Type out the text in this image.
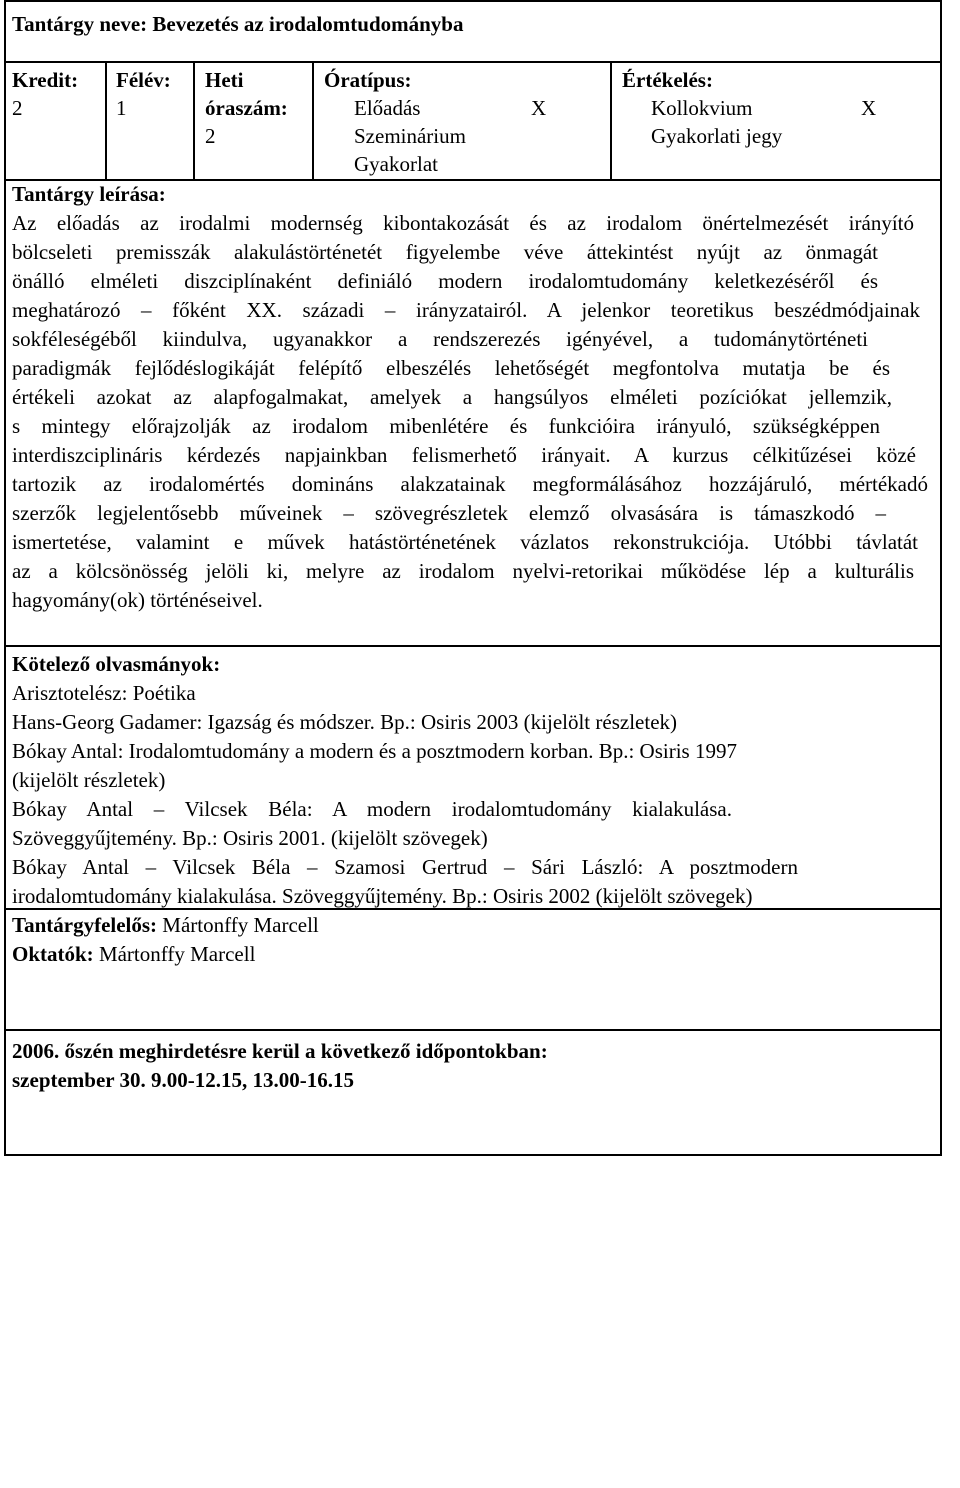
Tantárgy neve: Bevezetés az irodalomtudományba
Kredit:
2
Félév:
1
Heti
óraszám:
2
Óratípus:
Előadás	X
Szeminárium
Gyakorlat
Értékelés:
Kollokvium	X
Gyakorlati jegy
Tantárgy leírása:
Az előadás az irodalmi modernség kibontakozását és az irodalom önértelmezését irányító
bölcseleti premisszák alakulástörténetét figyelembe véve áttekintést nyújt az önmagát
önálló elméleti diszciplínaként definiáló modern irodalomtudomány keletkezéséről és
meghatározó – főként XX. századi – irányzatairól. A jelenkor teoretikus beszédmódjainak
sokféleségéből kiindulva, ugyanakkor a rendszerezés igényével, a tudománytörténeti
paradigmák fejlődéslogikáját felépítő elbeszélés lehetőségét megfontolva mutatja be és
értékeli azokat az alapfogalmakat, amelyek a hangsúlyos elméleti pozíciókat jellemzik,
s mintegy előrajzolják az irodalom mibenlétére és funkcióira irányuló, szükségképpen
interdiszciplináris kérdezés napjainkban felismerhető irányait. A kurzus célkitűzései közé
tartozik az irodalomértés domináns alakzatainak megformálásához hozzájáruló, mértékadó
szerzők legjelentősebb műveinek – szövegrészletek elemző olvasására is támaszkodó –
ismertetése, valamint e művek hatástörténetének vázlatos rekonstrukciója. Utóbbi távlatát
az a kölcsönösség jelöli ki, melyre az irodalom nyelvi-retorikai működése lép a kulturális
hagyomány(ok) történéseivel.
Kötelező olvasmányok:
Arisztotelész: Poétika
Hans-Georg Gadamer: Igazság és módszer. Bp.: Osiris 2003 (kijelölt részletek)
Bókay Antal: Irodalomtudomány a modern és a posztmodern korban. Bp.: Osiris 1997
(kijelölt részletek)
Bókay Antal – Vilcsek Béla: A modern irodalomtudomány kialakulása.
Szöveggyűjtemény. Bp.: Osiris 2001. (kijelölt szövegek)
Bókay Antal – Vilcsek Béla – Szamosi Gertrud – Sári László: A posztmodern
irodalomtudomány kialakulása. Szöveggyűjtemény. Bp.: Osiris 2002 (kijelölt szövegek)
Tantárgyfelelős: Mártonffy Marcell
Oktatók: Mártonffy Marcell
2006. őszén meghirdetésre kerül a következő időpontokban:
szeptember 30. 9.00-12.15, 13.00-16.15
